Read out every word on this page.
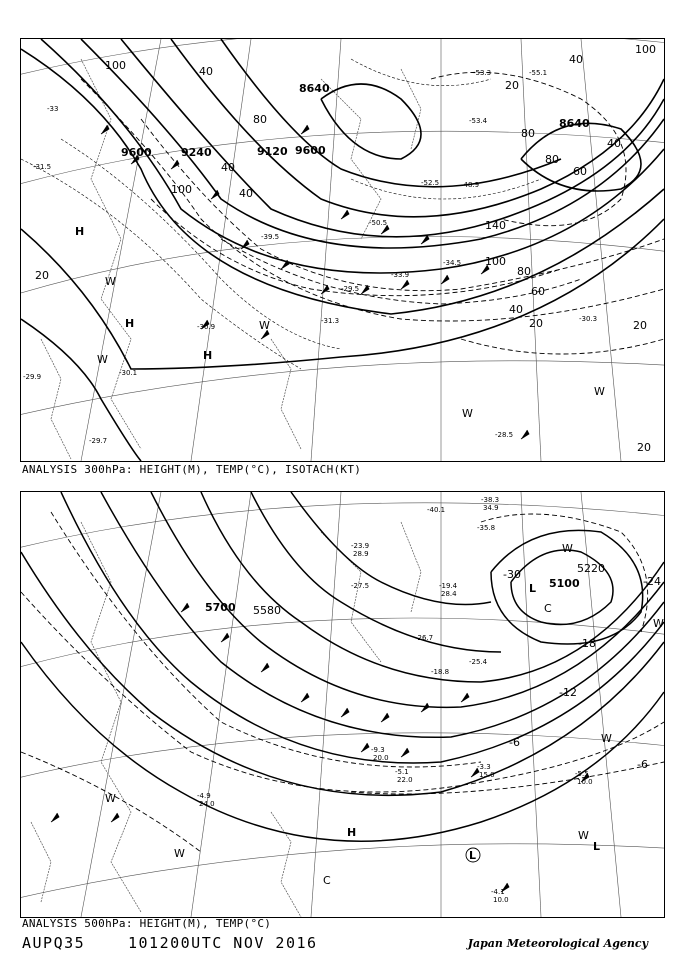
9600	9240	9120 9600
8640
8640
100	40
40
80
20
80
100
40
100
20
80
60
40
140
100
80
60
40
20	20
20
40
H
H
H
W
W
W
W
W
-31.5
-33
-30.1
-29.9
-29.7
-28.5
-30.9
-31.3
-29.5
-30.3
-53.3	-55.1
-53.4
-52.5	-48.9
-50.5
-34.5
-33.9
-39.5
ANALYSIS 300hPa: HEIGHT(M), TEMP(°C), ISOTACH(KT)
5700 5580
5100
5220
-24
-18
-12
-6
-6
-30
L
H
L
C
C
L
W
W
W
W
W
W
-4.1
10.0
-5.5
10.0
-3.3
15.0
-9.3
20.0
-5.1
22.0
-4.9
24.0
-38.3
34.9
-40.1
-35.8
-26.7
-27.5	-19.4
28.4
-23.9
28.9
-25.4
-18.8
ANALYSIS 500hPa: HEIGHT(M), TEMP(°C)
AUPQ35	101200UTC NOV 2016	Japan Meteorological Agency
